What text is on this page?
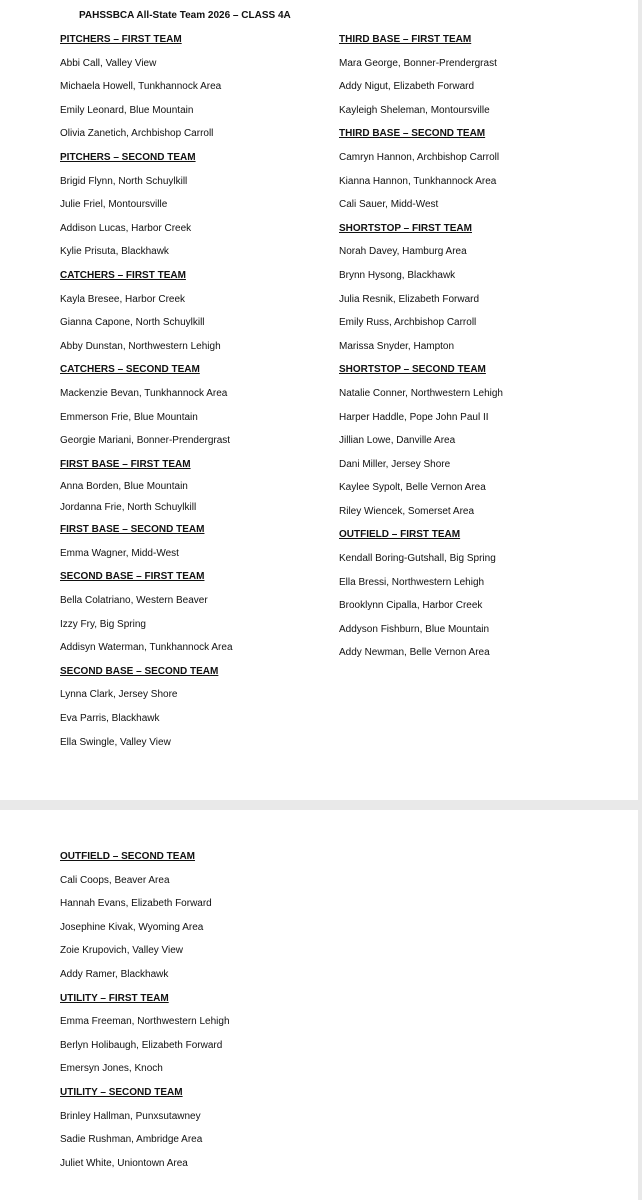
PAHSSBCA All-State Team 2026 – CLASS 4A
PITCHERS – FIRST TEAM
Abbi Call, Valley View
Michaela Howell, Tunkhannock Area
Emily Leonard, Blue Mountain
Olivia Zanetich, Archbishop Carroll
PITCHERS – SECOND TEAM
Brigid Flynn, North Schuylkill
Julie Friel, Montoursville
Addison Lucas, Harbor Creek
Kylie Prisuta, Blackhawk
CATCHERS – FIRST TEAM
Kayla Bresee, Harbor Creek
Gianna Capone, North Schuylkill
Abby Dunstan, Northwestern Lehigh
CATCHERS – SECOND TEAM
Mackenzie Bevan, Tunkhannock Area
Emmerson Frie, Blue Mountain
Georgie Mariani, Bonner-Prendergrast
FIRST BASE – FIRST TEAM
Anna Borden, Blue Mountain
Jordanna Frie, North Schuylkill
FIRST BASE – SECOND TEAM
Emma Wagner, Midd-West
SECOND BASE – FIRST TEAM
Bella Colatriano, Western Beaver
Izzy Fry, Big Spring
Addisyn Waterman, Tunkhannock Area
SECOND BASE – SECOND TEAM
Lynna Clark, Jersey Shore
Eva Parris, Blackhawk
Ella Swingle, Valley View
THIRD BASE – FIRST TEAM
Mara George, Bonner-Prendergrast
Addy Nigut, Elizabeth Forward
Kayleigh Sheleman, Montoursville
THIRD BASE – SECOND TEAM
Camryn Hannon, Archbishop Carroll
Kianna Hannon, Tunkhannock Area
Cali Sauer, Midd-West
SHORTSTOP – FIRST TEAM
Norah Davey, Hamburg Area
Brynn Hysong, Blackhawk
Julia Resnik, Elizabeth Forward
Emily Russ, Archbishop Carroll
Marissa Snyder, Hampton
SHORTSTOP – SECOND TEAM
Natalie Conner, Northwestern Lehigh
Harper Haddle, Pope John Paul II
Jillian Lowe, Danville Area
Dani Miller, Jersey Shore
Kaylee Sypolt, Belle Vernon Area
Riley Wiencek, Somerset Area
OUTFIELD – FIRST TEAM
Kendall Boring-Gutshall, Big Spring
Ella Bressi, Northwestern Lehigh
Brooklynn Cipalla, Harbor Creek
Addyson Fishburn, Blue Mountain
Addy Newman, Belle Vernon Area
OUTFIELD – SECOND TEAM
Cali Coops, Beaver Area
Hannah Evans, Elizabeth Forward
Josephine Kivak, Wyoming Area
Zoie Krupovich, Valley View
Addy Ramer, Blackhawk
UTILITY – FIRST TEAM
Emma Freeman, Northwestern Lehigh
Berlyn Holibaugh, Elizabeth Forward
Emersyn Jones, Knoch
UTILITY – SECOND TEAM
Brinley Hallman, Punxsutawney
Sadie Rushman, Ambridge Area
Juliet White, Uniontown Area
